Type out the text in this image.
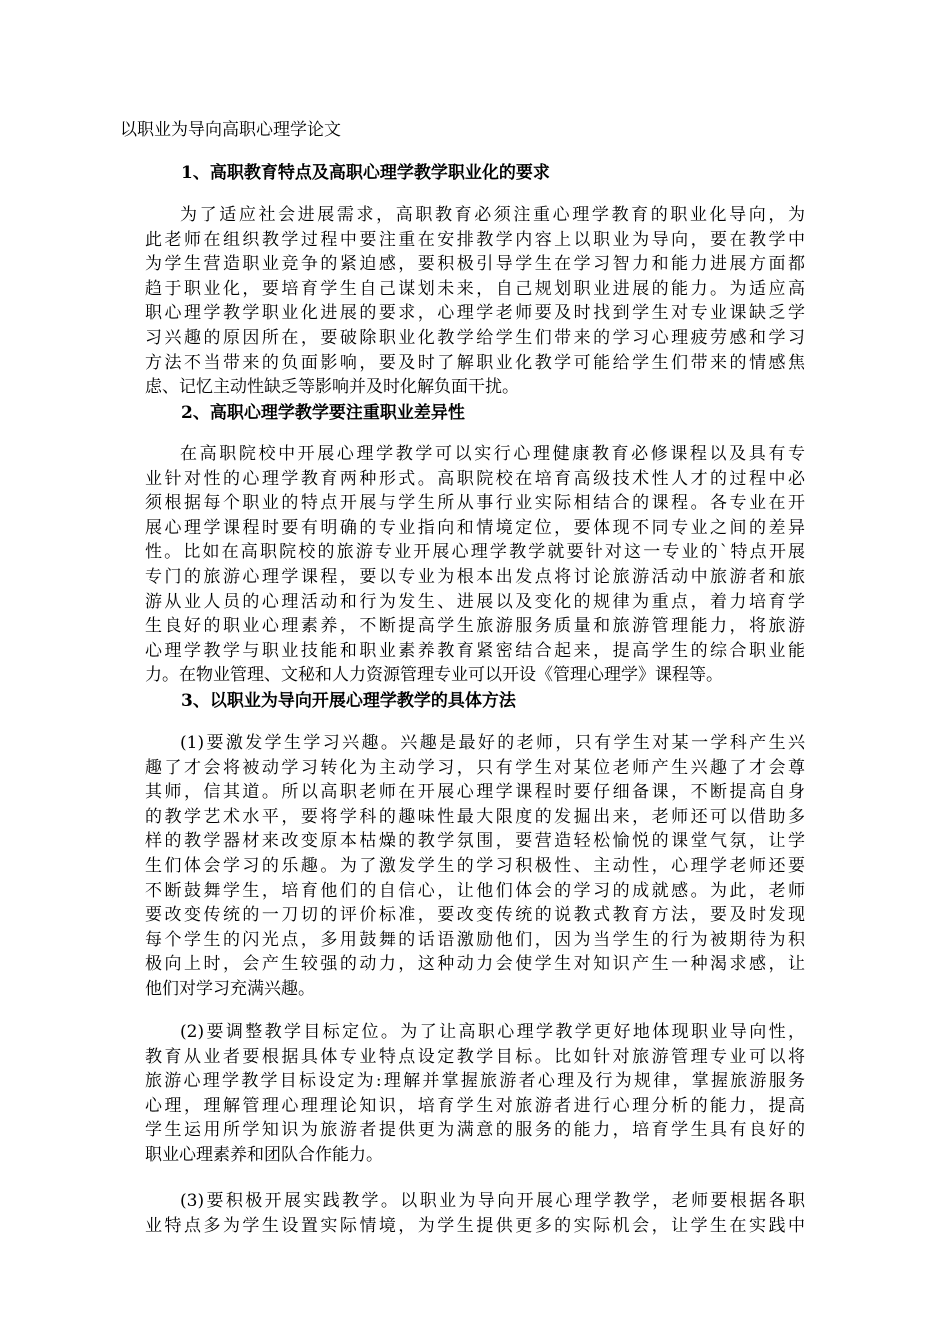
以职业为导向高职心理学论文
1、高职教育特点及高职心理学教学职业化的要求
为了适应社会进展需求，高职教育必须注重心理学教育的职业化导向，为
此老师在组织教学过程中要注重在安排教学内容上以职业为导向，要在教学中
为学生营造职业竞争的紧迫感，要积极引导学生在学习智力和能力进展方面都
趋于职业化，要培育学生自己谋划未来，自己规划职业进展的能力。为适应高
职心理学教学职业化进展的要求，心理学老师要及时找到学生对专业课缺乏学
习兴趣的原因所在，要破除职业化教学给学生们带来的学习心理疲劳感和学习
方法不当带来的负面影响，要及时了解职业化教学可能给学生们带来的情感焦
虑、记忆主动性缺乏等影响并及时化解负面干扰。
2、高职心理学教学要注重职业差异性
在高职院校中开展心理学教学可以实行心理健康教育必修课程以及具有专
业针对性的心理学教育两种形式。高职院校在培育高级技术性人才的过程中必
须根据每个职业的特点开展与学生所从事行业实际相结合的课程。各专业在开
展心理学课程时要有明确的专业指向和情境定位，要体现不同专业之间的差异
性。比如在高职院校的旅游专业开展心理学教学就要针对这一专业的`特点开展
专门的旅游心理学课程，要以专业为根本出发点将讨论旅游活动中旅游者和旅
游从业人员的心理活动和行为发生、进展以及变化的规律为重点，着力培育学
生良好的职业心理素养，不断提高学生旅游服务质量和旅游管理能力，将旅游
心理学教学与职业技能和职业素养教育紧密结合起来，提高学生的综合职业能
力。在物业管理、文秘和人力资源管理专业可以开设《管理心理学》课程等。
3、以职业为导向开展心理学教学的具体方法
(1)要激发学生学习兴趣。兴趣是最好的老师，只有学生对某一学科产生兴
趣了才会将被动学习转化为主动学习，只有学生对某位老师产生兴趣了才会尊
其师，信其道。所以高职老师在开展心理学课程时要仔细备课，不断提高自身
的教学艺术水平，要将学科的趣味性最大限度的发掘出来，老师还可以借助多
样的教学器材来改变原本枯燥的教学氛围，要营造轻松愉悦的课堂气氛，让学
生们体会学习的乐趣。为了激发学生的学习积极性、主动性，心理学老师还要
不断鼓舞学生，培育他们的自信心，让他们体会的学习的成就感。为此，老师
要改变传统的一刀切的评价标准，要改变传统的说教式教育方法，要及时发现
每个学生的闪光点，多用鼓舞的话语激励他们，因为当学生的行为被期待为积
极向上时，会产生较强的动力，这种动力会使学生对知识产生一种渴求感，让
他们对学习充满兴趣。
(2)要调整教学目标定位。为了让高职心理学教学更好地体现职业导向性，
教育从业者要根据具体专业特点设定教学目标。比如针对旅游管理专业可以将
旅游心理学教学目标设定为:理解并掌握旅游者心理及行为规律，掌握旅游服务
心理，理解管理心理理论知识，培育学生对旅游者进行心理分析的能力，提高
学生运用所学知识为旅游者提供更为满意的服务的能力，培育学生具有良好的
职业心理素养和团队合作能力。
(3)要积极开展实践教学。以职业为导向开展心理学教学，老师要根据各职
业特点多为学生设置实际情境，为学生提供更多的实际机会，让学生在实践中
